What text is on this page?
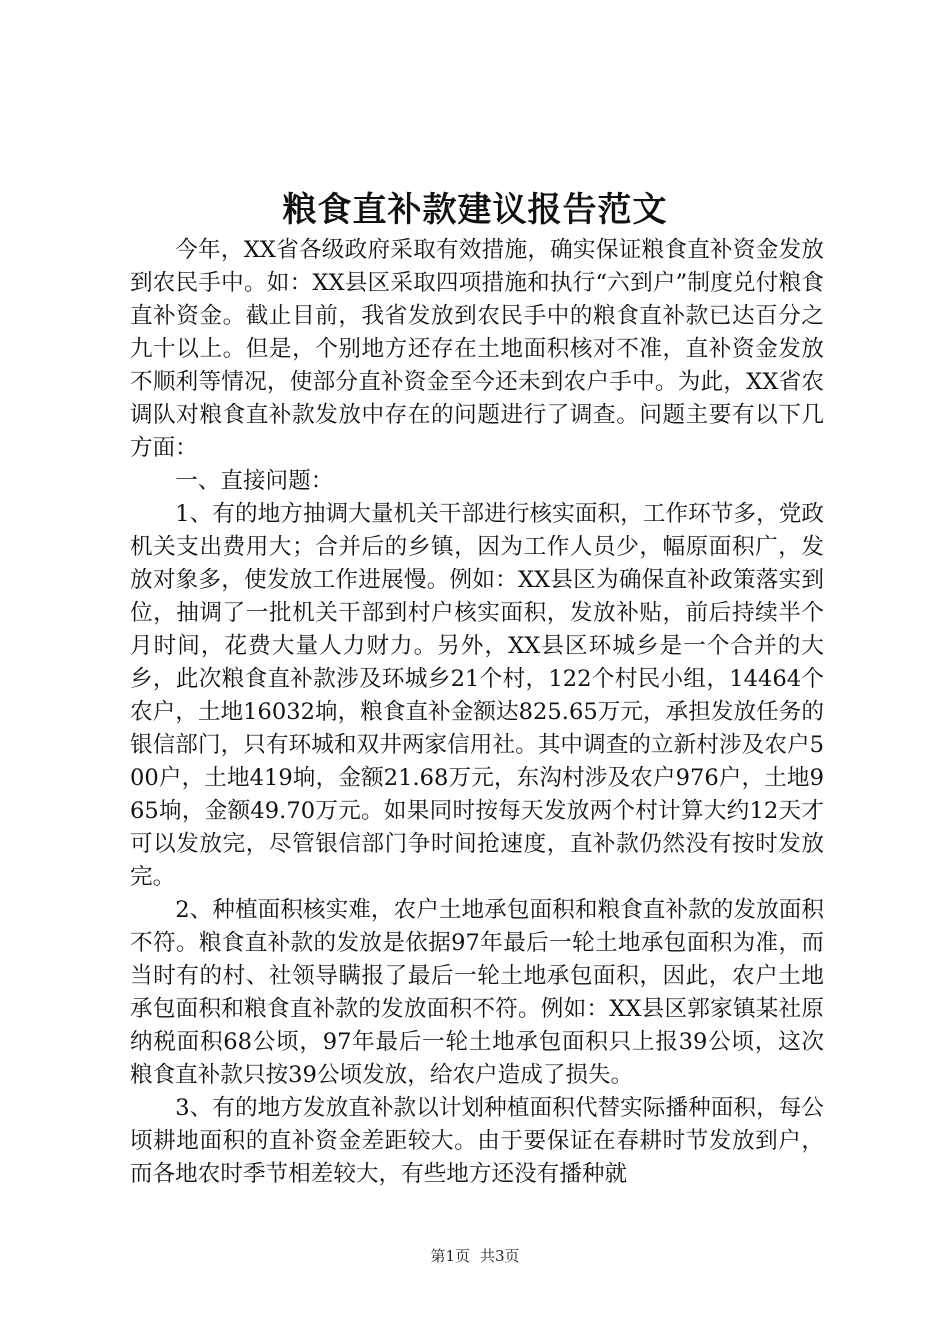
粮食直补款建议报告范文

今年，XX省各级政府采取有效措施，确实保证粮食直补资金发放到农民手中。如：XX县区采取四项措施和执行“六到户”制度兑付粮食直补资金。截止目前，我省发放到农民手中的粮食直补款已达百分之九十以上。但是，个别地方还存在土地面积核对不准，直补资金发放不顺利等情况，使部分直补资金至今还未到农户手中。为此，XX省农调队对粮食直补款发放中存在的问题进行了调查。问题主要有以下几方面：

一、直接问题：

1、有的地方抽调大量机关干部进行核实面积，工作环节多，党政机关支出费用大；合并后的乡镇，因为工作人员少，幅原面积广，发放对象多，使发放工作进展慢。例如：XX县区为确保直补政策落实到位，抽调了一批机关干部到村户核实面积，发放补贴，前后持续半个月时间，花费大量人力财力。另外，XX县区环城乡是一个合并的大乡，此次粮食直补款涉及环城乡21个村，122个村民小组，14464个农户，土地16032垧，粮食直补金额达825.65万元，承担发放任务的银信部门，只有环城和双井两家信用社。其中调查的立新村涉及农户500户，土地419垧，金额21.68万元，东沟村涉及农户976户，土地965垧，金额49.70万元。如果同时按每天发放两个村计算大约12天才可以发放完，尽管银信部门争时间抢速度，直补款仍然没有按时发放完。

2、种植面积核实难，农户土地承包面积和粮食直补款的发放面积不符。粮食直补款的发放是依据97年最后一轮土地承包面积为准，而当时有的村、社领导瞒报了最后一轮土地承包面积，因此，农户土地承包面积和粮食直补款的发放面积不符。例如：XX县区郭家镇某社原纳税面积68公顷，97年最后一轮土地承包面积只上报39公顷，这次粮食直补款只按39公顷发放，给农户造成了损失。

3、有的地方发放直补款以计划种植面积代替实际播种面积，每公顷耕地面积的直补资金差距较大。由于要保证在春耕时节发放到户，而各地农时季节相差较大，有些地方还没有播种就

第1页 共3页
